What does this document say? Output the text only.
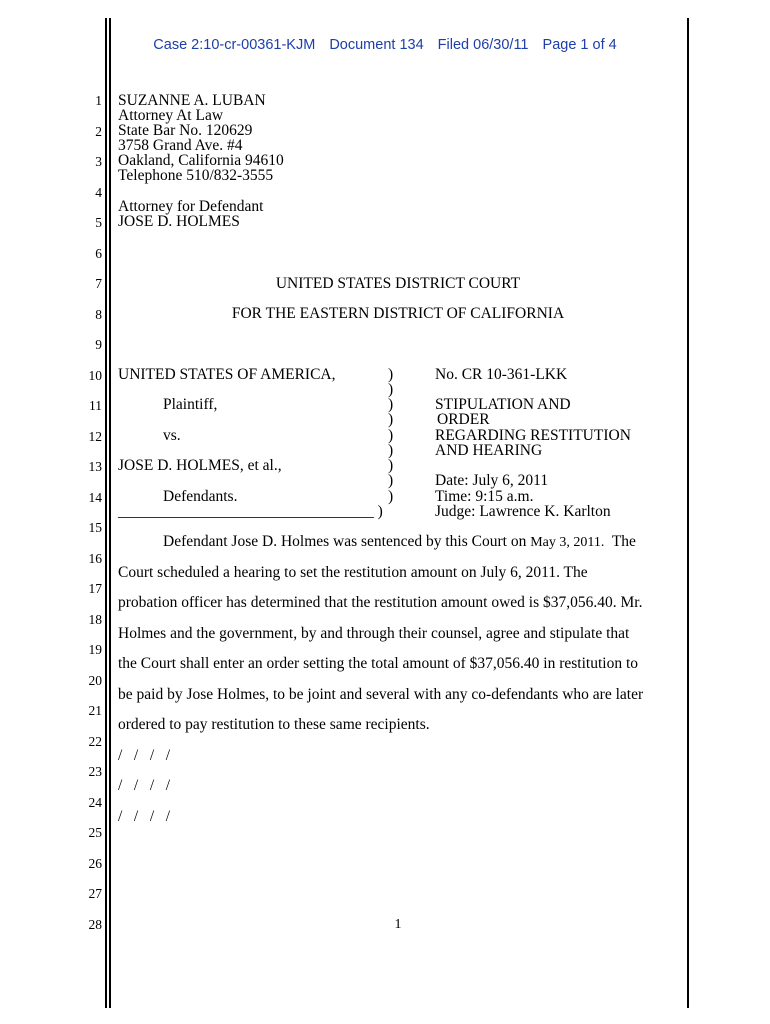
Case 2:10-cr-00361-KJM Document 134 Filed 06/30/11 Page 1 of 4
1
2
3
4
5
6
7
8
9
10
11
12
13
14
15
16
17
18
19
20
21
22
23
24
25
26
27
28
SUZANNE A. LUBAN
Attorney At Law
State Bar No. 120629
3758 Grand Ave. #4
Oakland, California 94610
Telephone 510/832-3555
Attorney for Defendant
JOSE D. HOLMES
UNITED STATES DISTRICT COURT
FOR THE EASTERN DISTRICT OF CALIFORNIA
UNITED STATES OF AMERICA,
Plaintiff,
vs.
JOSE D. HOLMES, et al.,
Defendants.
_________________________________ )
)
)
)
)
)
)
)
)
)
No. CR 10-361-LKK
STIPULATION AND
ORDER
REGARDING RESTITUTION
AND HEARING
Date: July 6, 2011
Time: 9:15 a.m.
Judge: Lawrence K. Karlton
Defendant Jose D. Holmes was sentenced by this Court on May 3, 2011.  The
Court scheduled a hearing to set the restitution amount on July 6, 2011. The
probation officer has determined that the restitution amount owed is $37,056.40. Mr.
Holmes and the government, by and through their counsel, agree and stipulate that
the Court shall enter an order setting the total amount of $37,056.40 in restitution to
be paid by Jose Holmes, to be joint and several with any co-defendants who are later
ordered to pay restitution to these same recipients.
/   /   /   /
/   /   /   /
/   /   /   /
1
